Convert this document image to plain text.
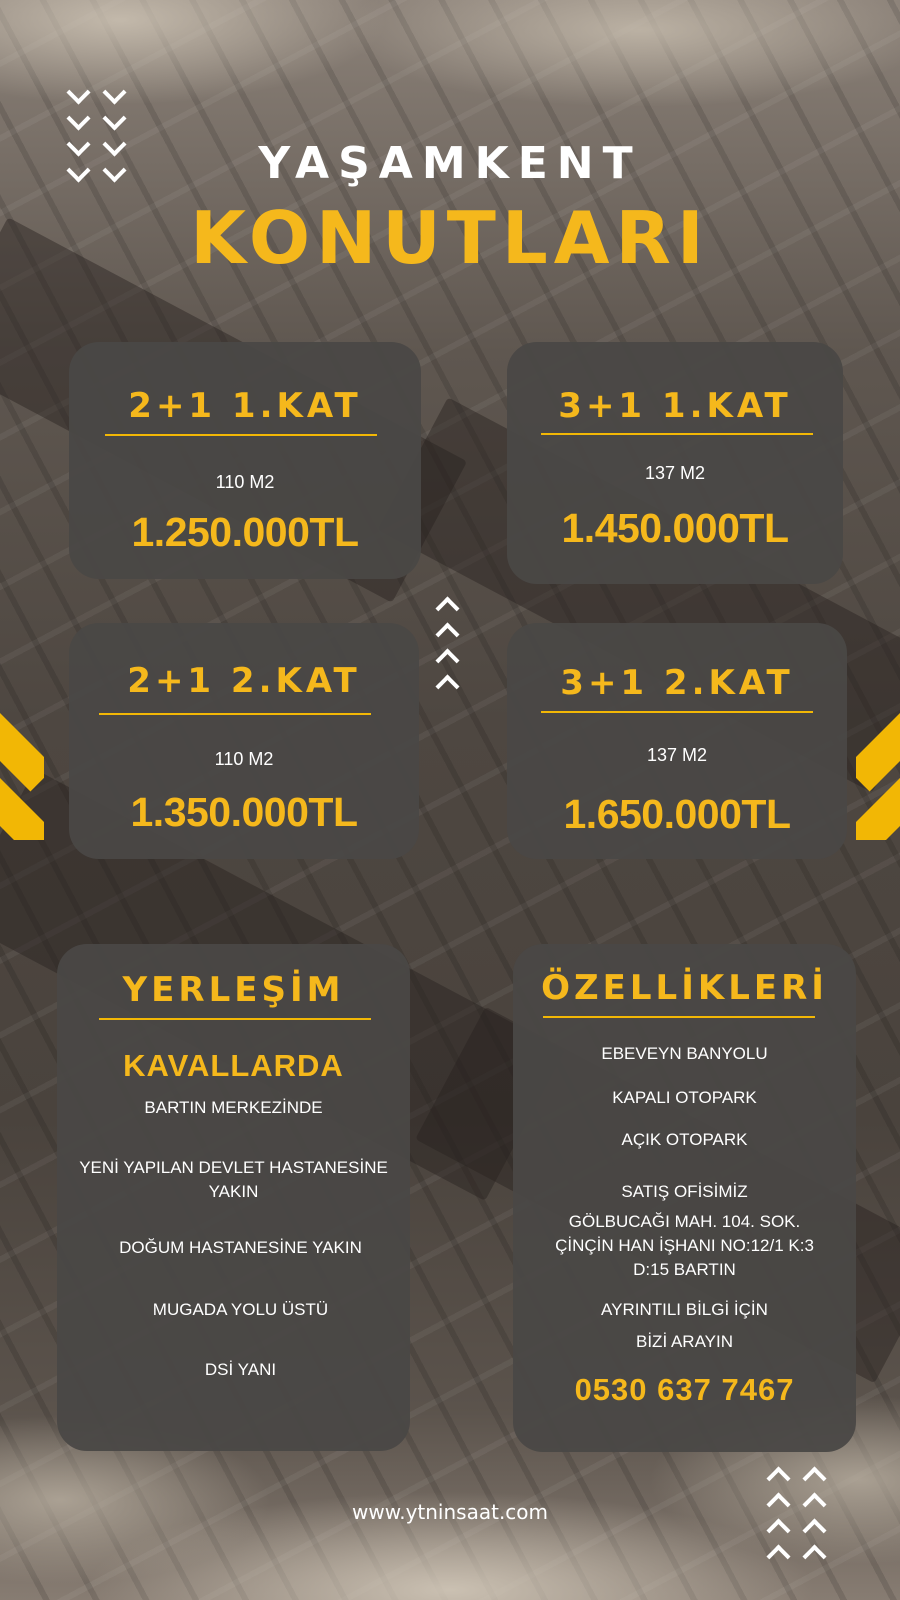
YAŞAMKENT
KONUTLARI
2+1 1.KAT
110 M2
1.250.000TL
3+1 1.KAT
137 M2
1.450.000TL
2+1 2.KAT
110 M2
1.350.000TL
3+1 2.KAT
137 M2
1.650.000TL
YERLEŞİM
KAVALLARDA
BARTIN MERKEZİNDE
YENİ YAPILAN DEVLET HASTANESİNE YAKIN
DOĞUM HASTANESİNE YAKIN
MUGADA YOLU ÜSTÜ
DSİ YANI
ÖZELLİKLERİ
EBEVEYN BANYOLU
KAPALI OTOPARK
AÇIK OTOPARK
SATIŞ OFİSİMİZ
GÖLBUCAĞI MAH. 104. SOK. ÇİNÇİN HAN İŞHANI NO:12/1 K:3 D:15 BARTIN
AYRINTILI BİLGİ İÇİN
BİZİ ARAYIN
0530 637 7467
www.ytninsaat.com
